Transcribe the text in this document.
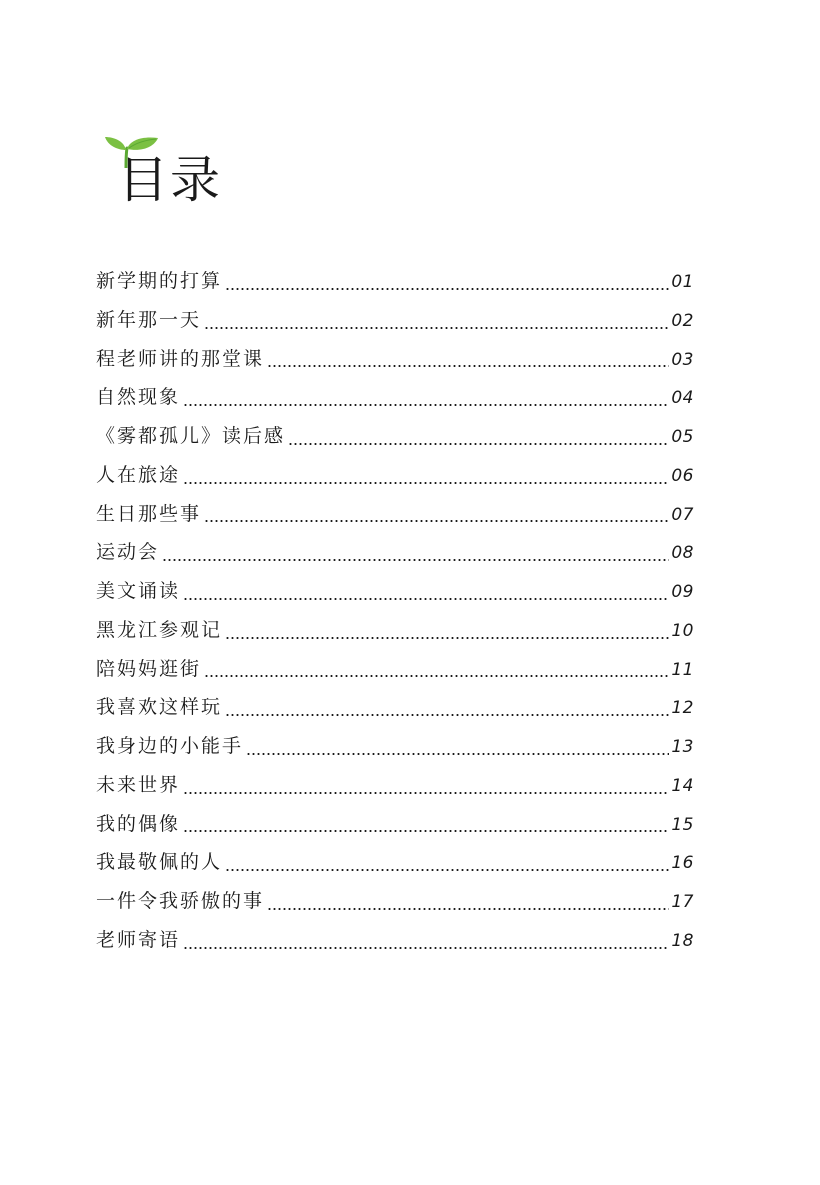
目录
新学期的打算	01
新年那一天	02
程老师讲的那堂课	03
自然现象	04
《雾都孤儿》读后感	05
人在旅途	06
生日那些事	07
运动会	08
美文诵读	09
黑龙江参观记	10
陪妈妈逛街	11
我喜欢这样玩	12
我身边的小能手	13
未来世界	14
我的偶像	15
我最敬佩的人	16
一件令我骄傲的事	17
老师寄语	18
